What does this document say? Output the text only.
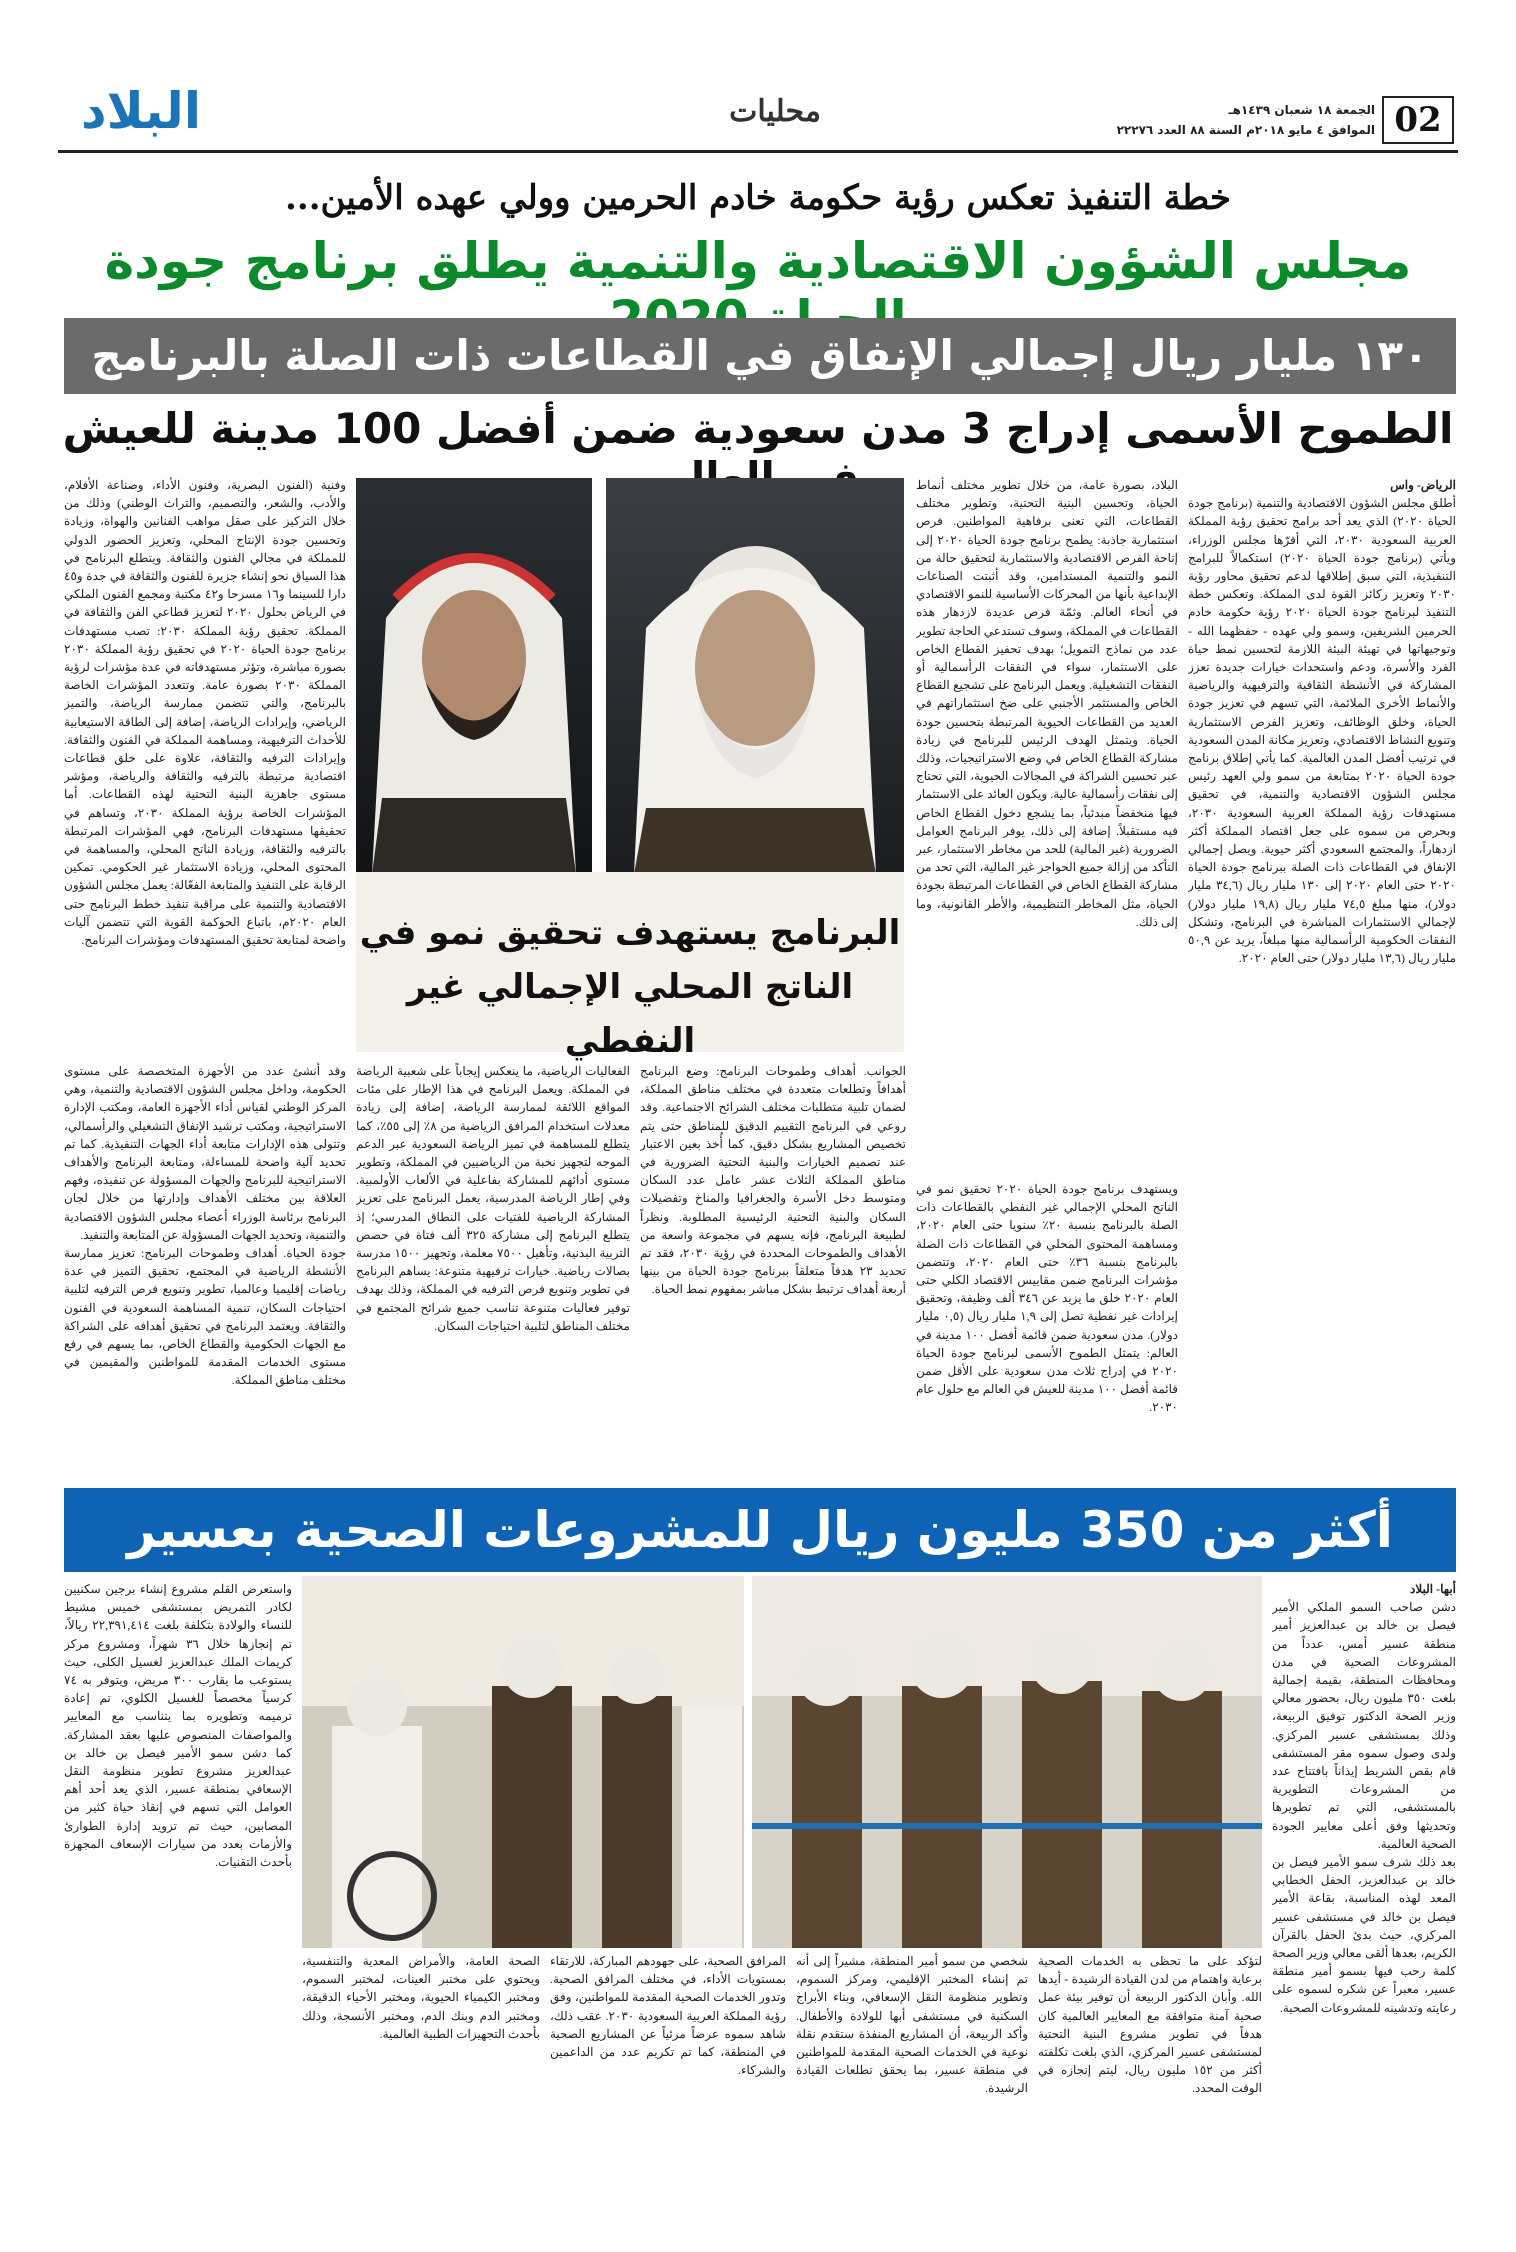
02
الجمعة ١٨ شعبان ١٤٣٩هـ
الموافق ٤ مايو ٢٠١٨م السنة ٨٨ العدد ٢٢٢٧٦
محليات
البلاد
خطة التنفيذ تعكس رؤية حكومة خادم الحرمين وولي عهده الأمين...
مجلس الشؤون الاقتصادية والتنمية يطلق برنامج جودة
١٣٠ مليار ريال إجمالي الإنفاق في القطاعات ذات الصلة بالبرنامج
الطموح الأسمى إدراج 3 مدن سعودية ضمن أفضل 100 مدينة للعيش

الرياض- واس

أطلق مجلس الشؤون الاقتصادية والتنمية (برنامج جودة الحياة ٢٠٢٠) الذي يعد أحد برامج تحقيق رؤية المملكة العربية السعودية ٢٠٣٠، التي أقرّها مجلس الوزراء، ويأتي (برنامج جودة الحياة ٢٠٢٠) استكمالاً للبرامج التنفيذية، التي سبق إطلاقها لدعم تحقيق محاور رؤية ٢٠٣٠ وتعزيز ركائز القوة لدى المملكة. وتعكس خطة التنفيذ لبرنامج جودة الحياة ٢٠٢٠ رؤية حكومة خادم الحرمين الشريفين، وسمو ولي عهده - حفظهما الله - وتوجيهاتها في تهيئة البيئة اللازمة لتحسين نمط حياة الفرد والأسرة، ودعم واستحداث خيارات جديدة تعزز المشاركة في الأنشطة الثقافية والترفيهية والرياضية والأنماط الأخرى الملائمة، التي تسهم في تعزيز جودة الحياة، وخلق الوظائف، وتعزيز الفرص الاستثمارية وتنويع النشاط الاقتصادي، وتعزيز مكانة المدن السعودية في ترتيب أفضل المدن العالمية. كما يأتي إطلاق برنامج جودة الحياة ٢٠٢٠ بمتابعة من سمو ولي العهد رئيس مجلس الشؤون الاقتصادية والتنمية، في تحقيق مستهدفات رؤية المملكة العربية السعودية ٢٠٣٠، وبحرص من سموه على جعل اقتصاد المملكة أكثر ازدهاراً، والمجتمع السعودي أكثر حيوية. ويصل إجمالي الإنفاق في القطاعات ذات الصلة ببرنامج جودة الحياة ٢٠٢٠ حتى العام ٢٠٢٠ إلى ١٣٠ مليار ريال (٣٤,٦ مليار دولار)، منها مبلغ ٧٤,٥ مليار ريال (١٩,٨ مليار دولار) لإجمالي الاستثمارات المباشرة في البرنامج، وتشكل النفقات الحكومية الرأسمالية منها مبلغاً، يزيد عن ٥٠,٩ مليار ريال (١٣,٦ مليار دولار) حتى العام ٢٠٢٠.

البلاد، بصورة عامة، من خلال تطوير مختلف أنماط الحياة، وتحسين البنية التحتية، وتطوير مختلف القطاعات، التي تعنى برفاهية المواطنين. فرص استثمارية جاذبة: يطمح برنامج جودة الحياة ٢٠٢٠ إلى إتاحة الفرص الاقتصادية والاستثمارية لتحقيق حالة من النمو والتنمية المستدامين، وقد أثبتت الصناعات الإبداعية بأنها من المحركات الأساسية للنمو الاقتصادي في أنحاء العالم. وثمّة فرص عديدة لازدهار هذه القطاعات في المملكة، وسوف تستدعي الحاجة تطوير عدد من نماذج التمويل؛ بهدف تحفيز القطاع الخاص على الاستثمار، سواء في النفقات الرأسمالية أو النفقات التشغيلية. ويعمل البرنامج على تشجيع القطاع الخاص والمستثمر الأجنبي على ضخ استثماراتهم في العديد من القطاعات الحيوية المرتبطة بتحسين جودة الحياة. ويتمثل الهدف الرئيس للبرنامج في زيادة مشاركة القطاع الخاص في وضع الاستراتيجيات، وذلك عبر تحسين الشراكة في المجالات الحيوية، التي تحتاج إلى نفقات رأسمالية عالية. ويكون العائد على الاستثمار فيها منخفضاً مبدئياً، بما يشجع دخول القطاع الخاص فيه مستقبلاً. إضافة إلى ذلك، يوفر البرنامج العوامل الضرورية (غير المالية) للحد من مخاطر الاستثمار، عبر التأكد من إزالة جميع الحواجز غير المالية، التي تحد من مشاركة القطاع الخاص في القطاعات المرتبطة بجودة الحياة، مثل المخاطر التنظيمية، والأطر القانونية، وما إلى ذلك.

وفنية (الفنون البصرية، وفنون الأداء، وصناعة الأفلام، والأدب، والشعر، والتصميم، والتراث الوطني) وذلك من خلال التركيز على صقل مواهب الفنانين والهواة، وزيادة وتحسين جودة الإنتاج المحلي، وتعزيز الحضور الدولي للمملكة في مجالي الفنون والثقافة. ويتطلع البرنامج في هذا السياق نحو إنشاء جزيرة للفنون والثقافة في جدة و٤٥ دارا للسينما و١٦ مسرحا و٤٢ مكتبة ومجمع الفنون الملكي في الرياض بحلول ٢٠٢٠ لتعزيز قطاعي الفن والثقافة في المملكة. تحقيق رؤية المملكة ٢٠٣٠: تصب مستهدفات برنامج جودة الحياة ٢٠٢٠ في تحقيق رؤية المملكة ٢٠٣٠ بصورة مباشرة، وتؤثر مستهدفاته في عدة مؤشرات لرؤية المملكة ٢٠٣٠ بصورة عامة. وتتعدد المؤشرات الخاصة بالبرنامج، والتي تتضمن ممارسة الرياضة، والتميز الرياضي، وإيرادات الرياضة، إضافة إلى الطاقة الاستيعابية للأحداث الترفيهية، ومساهمة المملكة في الفنون والثقافة. وإيرادات الترفيه والثقافة، علاوة على خلق قطاعات اقتصادية مرتبطة بالترفيه والثقافة والرياضة، ومؤشر مستوى جاهزية البنية التحتية لهذه القطاعات. أما المؤشرات الخاصة برؤية المملكة ٢٠٣٠، وتساهم في تحقيقها مستهدفات البرنامج، فهي المؤشرات المرتبطة بالترفيه والثقافة، وزيادة الناتج المحلي، والمساهمة في المحتوى المحلي، وزيادة الاستثمار غير الحكومي. تمكين الرقابة على التنفيذ والمتابعة الفعّالة: يعمل مجلس الشؤون الاقتصادية والتنمية على مراقبة تنفيذ خطط البرنامج حتى العام ٢٠٢٠م، باتباع الحوكمة القوية التي تتضمن آليات واضحة لمتابعة تحقيق المستهدفات ومؤشرات البرنامج. البرنامج يستهدف تحقيق نمو في
الناتج المحلي الإجمالي غير النفطي

ويستهدف برنامج جودة الحياة ٢٠٢٠ تحقيق نمو في الناتج المحلي الإجمالي غير النفطي بالقطاعات ذات الصلة بالبرنامج بنسبة ٢٠٪ سنويا حتى العام ٢٠٢٠، ومساهمة المحتوى المحلي في القطاعات ذات الصلة بالبرنامج بنسبة ٣٦٪ حتى العام ٢٠٢٠، وتتضمن مؤشرات البرنامج ضمن مقاييس الاقتصاد الكلي حتى العام ٢٠٢٠ خلق ما يزيد عن ٣٤٦ ألف وظيفة، وتحقيق إيرادات غير نفطية تصل إلى ١,٩ مليار ريال (٠,٥ مليار دولار). مدن سعودية ضمن قائمة أفضل ١٠٠ مدينة في العالم: يتمثل الطموح الأسمى لبرنامج جودة الحياة ٢٠٢٠ في إدراج ثلاث مدن سعودية على الأقل ضمن قائمة أفضل ١٠٠ مدينة للعيش في العالم مع حلول عام ٢٠٣٠.

الجوانب. أهداف وطموحات البرنامج: وضع البرنامج أهدافاً وتطلعات متعددة في مختلف مناطق المملكة، لضمان تلبية متطلبات مختلف الشرائح الاجتماعية. وقد روعي في البرنامج التقييم الدقيق للمناطق حتى يتم تخصيص المشاريع بشكل دقيق، كما أُخذ بعين الاعتبار عند تصميم الخيارات والبنية التحتية الضرورية في مناطق المملكة الثلاث عشر عامل عدد السكان ومتوسط دخل الأسرة والجغرافيا والمناخ وتفضيلات السكان والبنية التحتية الرئيسية المطلوبة. ونظراً لطبيعة البرنامج، فإنه يسهم في مجموعة واسعة من الأهداف والطموحات المحددة في رؤية ٢٠٣٠، فقد تم تحديد ٢٣ هدفاً متعلقاً ببرنامج جودة الحياة من بينها أربعة أهداف ترتبط بشكل مباشر بمفهوم نمط الحياة.

الفعاليات الرياضية، ما ينعكس إيجاباً على شعبية الرياضة في المملكة. ويعمل البرنامج في هذا الإطار على مئات المواقع اللائقة لممارسة الرياضة، إضافة إلى زيادة معدلات استخدام المرافق الرياضية من ٨٪ إلى ٥٥٪، كما يتطلع للمساهمة في تميز الرياضة السعودية عبر الدعم الموجه لتجهيز نخبة من الرياضيين في المملكة، وتطوير مستوى أدائهم للمشاركة بفاعلية في الألعاب الأولمبية. وفي إطار الرياضة المدرسية، يعمل البرنامج على تعزيز المشاركة الرياضية للفتيات على النطاق المدرسي؛ إذ يتطلع البرنامج إلى مشاركة ٣٢٥ ألف فتاة في حصص التربية البدنية، وتأهيل ٧٥٠٠ معلمة، وتجهيز ١٥٠٠ مدرسة بصالات رياضية. خيارات ترفيهية متنوعة: يساهم البرنامج في تطوير وتنويع فرص الترفيه في المملكة، وذلك بهدف توفير فعاليات متنوعة تناسب جميع شرائح المجتمع في مختلف المناطق لتلبية احتياجات السكان.

وقد أنشئ عدد من الأجهزة المتخصصة على مستوى الحكومة، وداخل مجلس الشؤون الاقتصادية والتنمية، وهي المركز الوطني لقياس أداء الأجهزة العامة، ومكتب الإدارة الاستراتيجية، ومكتب ترشيد الإنفاق التشغيلي والرأسمالي، وتتولى هذه الإدارات متابعة أداء الجهات التنفيذية. كما تم تحديد آلية واضحة للمساءلة، ومتابعة البرنامج والأهداف الاستراتيجية للبرنامج والجهات المسؤولة عن تنفيذه، وفهم العلاقة بين مختلف الأهداف وإدارتها من خلال لجان البرنامج برئاسة الوزراء أعضاء مجلس الشؤون الاقتصادية والتنمية، وتحديد الجهات المسؤولة عن المتابعة والتنفيذ.

جودة الحياة. أهداف وطموحات البرنامج: تعزيز ممارسة الأنشطة الرياضية في المجتمع، تحقيق التميز في عدة رياضات إقليميا وعالميا، تطوير وتنويع فرص الترفيه لتلبية احتياجات السكان، تنمية المساهمة السعودية في الفنون والثقافة. ويعتمد البرنامج في تحقيق أهدافه على الشراكة مع الجهات الحكومية والقطاع الخاص، بما يسهم في رفع مستوى الخدمات المقدمة للمواطنين والمقيمين في مختلف مناطق المملكة.

أكثر من 350 مليون ريال للمشروعات الصحية بعسير

أبها- البلاد

دشن صاحب السمو الملكي الأمير فيصل بن خالد بن عبدالعزيز أمير منطقة عسير أمس، عدداً من المشروعات الصحية في مدن ومحافظات المنطقة، بقيمة إجمالية بلغت ٣٥٠ مليون ريال، بحضور معالي وزير الصحة الدكتور توفيق الربيعة، وذلك بمستشفى عسير المركزي. ولدى وصول سموه مقر المستشفى قام بقص الشريط إيذاناً بافتتاح عدد من المشروعات التطويرية بالمستشفى، التي تم تطويرها وتحديثها وفق أعلى معايير الجودة الصحية العالمية.

بعد ذلك شرف سمو الأمير فيصل بن خالد بن عبدالعزيز، الحفل الخطابي المعد لهذه المناسبة، بقاعة الأمير فيصل بن خالد في مستشفى عسير المركزي، حيث بدئ الحفل بالقرآن الكريم، بعدها ألقى معالي وزير الصحة كلمة رحب فيها بسمو أمير منطقة عسير، معبراً عن شكره لسموه على رعايته وتدشينه للمشروعات الصحية.

لتؤكد على ما تحظى به الخدمات الصحية برعاية واهتمام من لدن القيادة الرشيدة - أيدها الله. وأبان الدكتور الربيعة أن توفير بيئة عمل صحية آمنة متوافقة مع المعايير العالمية كان هدفاً في تطوير مشروع البنية التحتية لمستشفى عسير المركزي، الذي بلغت تكلفته أكثر من ١٥٢ مليون ريال، ليتم إنجازه في الوقت المحدد.

شخصي من سمو أمير المنطقة، مشيراً إلى أنه تم إنشاء المختبر الإقليمي، ومركز السموم، وتطوير منظومة النقل الإسعافي، وبناء الأبراج السكنية في مستشفى أبها للولادة والأطفال. وأكد الربيعة، أن المشاريع المنفذة ستقدم نقلة نوعية في الخدمات الصحية المقدمة للمواطنين في منطقة عسير، بما يحقق تطلعات القيادة الرشيدة.

المرافق الصحية، على جهودهم المباركة، للارتقاء بمستويات الأداء، في مختلف المرافق الصحية. وتدور الخدمات الصحية المقدمة للمواطنين، وفق رؤية المملكة العربية السعودية ٢٠٣٠. عقب ذلك، شاهد سموه عرضاً مرئياً عن المشاريع الصحية في المنطقة، كما تم تكريم عدد من الداعمين والشركاء.

الصحة العامة، والأمراض المعدية والتنفسية، ويحتوي على مختبر العينات، لمختبر السموم، ومختبر الكيمياء الحيوية، ومختبر الأحياء الدقيقة، ومختبر الدم وبنك الدم، ومختبر الأنسجة، وذلك بأحدث التجهيزات الطبية العالمية.

واستعرض القلم مشروع إنشاء برجين سكنيين لكادر التمريض بمستشفى خميس مشيط للنساء والولادة بتكلفة بلغت ٢٢,٣٩١,٤١٤ ريالاً، تم إنجازها خلال ٣٦ شهراً، ومشروع مركز كريمات الملك عبدالعزيز لغسيل الكلى، حيث يستوعب ما يقارب ٣٠٠ مريض، ويتوفر به ٧٤ كرسياً مخصصاً للغسيل الكلوي، تم إعادة ترميمه وتطويره بما يتناسب مع المعايير والمواصفات المنصوص عليها بعقد المشاركة. كما دشن سمو الأمير فيصل بن خالد بن عبدالعزيز مشروع تطوير منظومة النقل الإسعافي بمنطقة عسير، الذي يعد أحد أهم العوامل التي تسهم في إنقاذ حياة كثير من المصابين، حيث تم تزويد إدارة الطوارئ والأزمات بعدد من سيارات الإسعاف المجهزة بأحدث التقنيات.
